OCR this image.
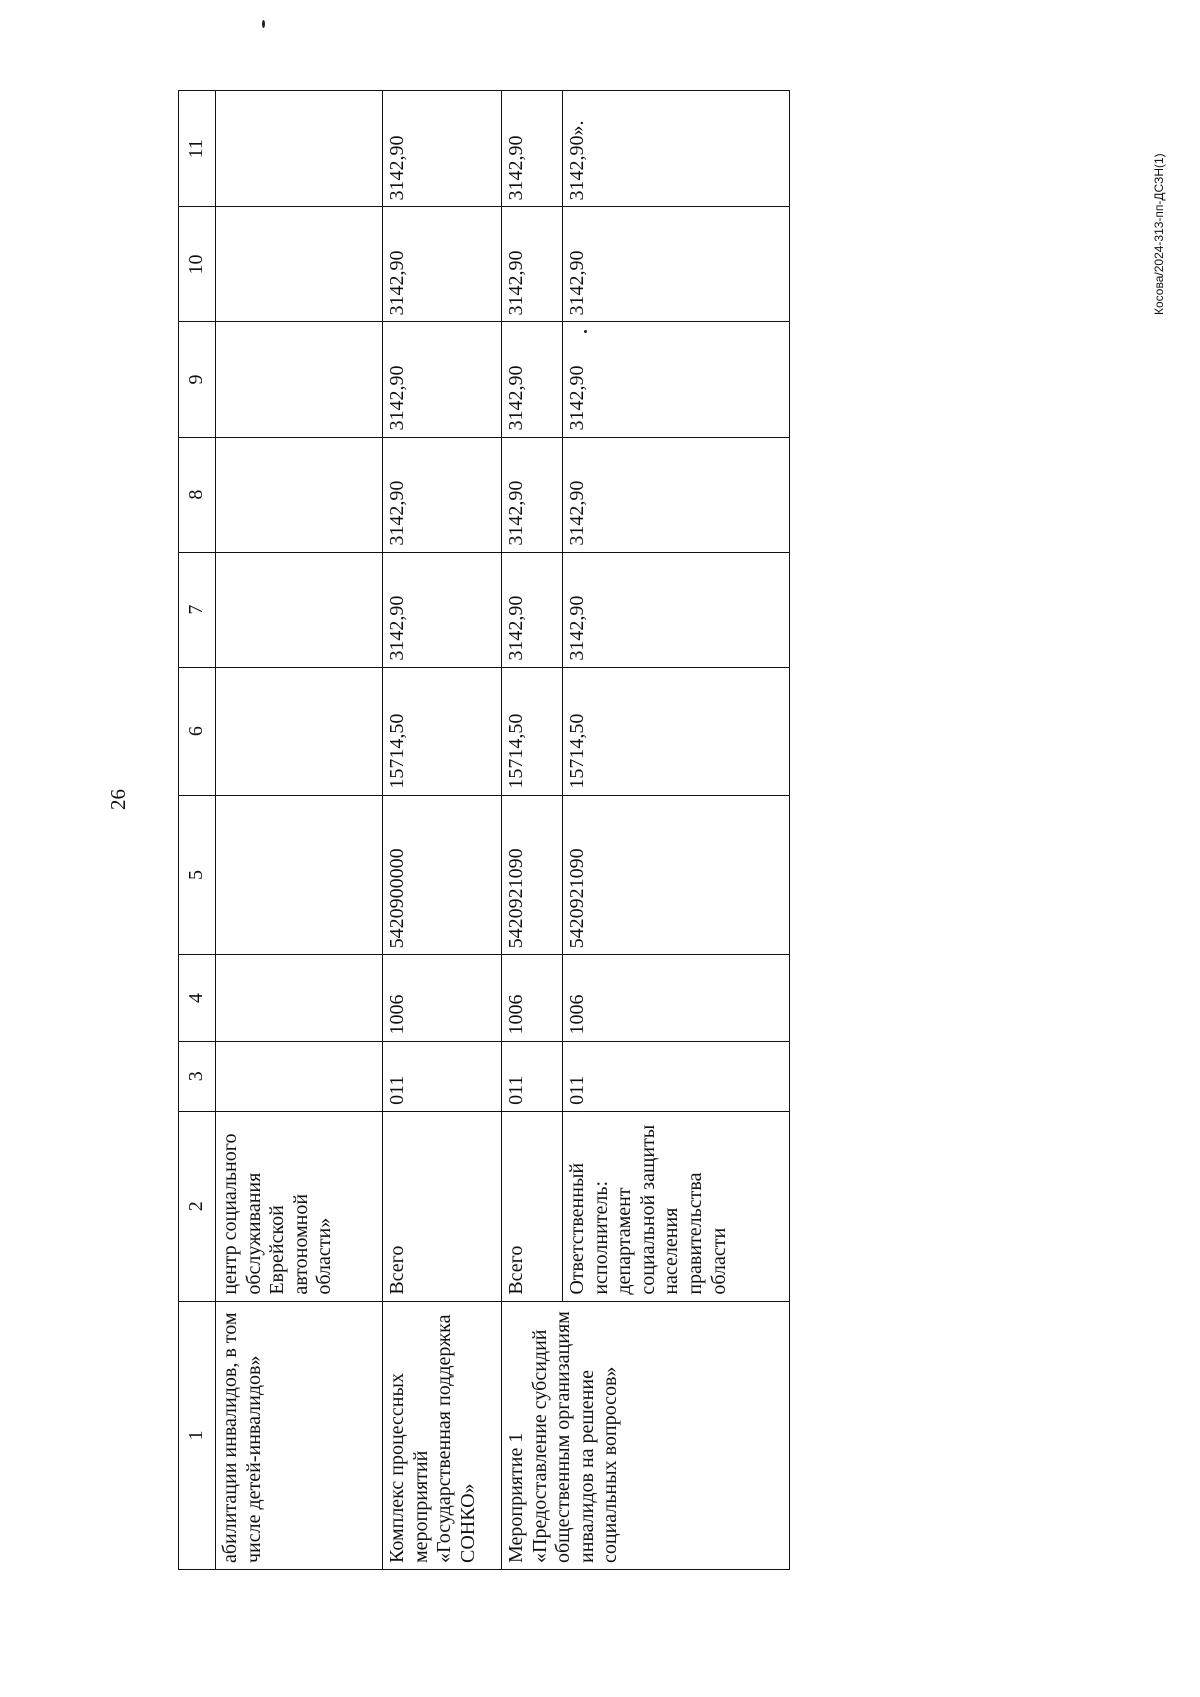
26
Косова/2024-313-пп-ДСЗН(1)
1	2	3	4	5	6	7	8	9	10	11
абилитации инвалидов, в том числе детей-инвалидов»	центр социального обслуживания Еврейской автономной области»									
Комплекс процессных мероприятий «Государственная поддержка СОНКО»	Всего	011	1006	5420900000	15714,50	3142,90	3142,90	3142,90	3142,90	3142,90
Мероприятие 1 «Предоставление субсидий общественным организациям инвалидов на решение социальных вопросов»	Всего	011	1006	5420921090	15714,50	3142,90	3142,90	3142,90	3142,90	3142,90
	Ответственный исполнитель: департамент социальной защиты населения правительства области	011	1006	5420921090	15714,50	3142,90	3142,90	3142,90	3142,90	3142,90».
